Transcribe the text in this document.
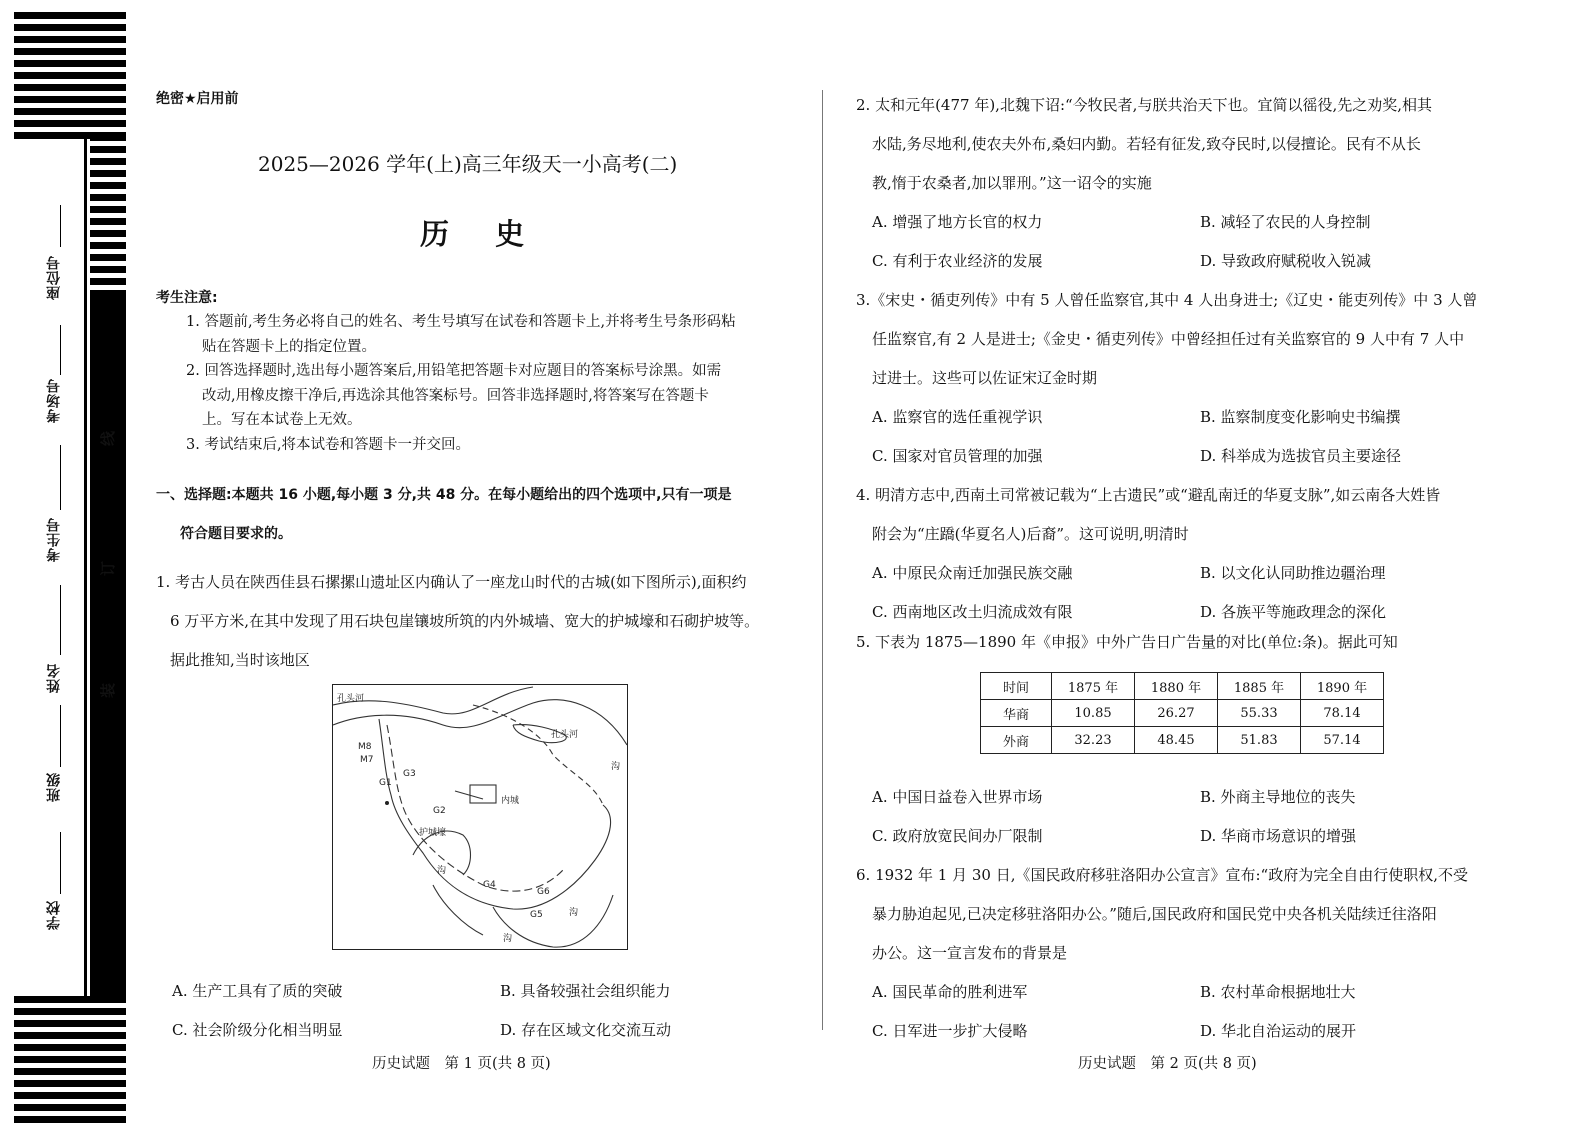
座位号
考场号
考生号
姓名
班级
学校
线
订
装
绝密★启用前
2025—2026 学年(上)高三年级天一小高考(二)
历 史
考生注意:
1. 答题前,考生务必将自己的姓名、考生号填写在试卷和答题卡上,并将考生号条形码粘
贴在答题卡上的指定位置。
2. 回答选择题时,选出每小题答案后,用铅笔把答题卡对应题目的答案标号涂黑。如需
改动,用橡皮擦干净后,再选涂其他答案标号。回答非选择题时,将答案写在答题卡
上。写在本试卷上无效。
3. 考试结束后,将本试卷和答题卡一并交回。
一、选择题:本题共 16 小题,每小题 3 分,共 48 分。在每小题给出的四个选项中,只有一项是
符合题目要求的。
1. 考古人员在陕西佳县石摞摞山遗址区内确认了一座龙山时代的古城(如下图所示),面积约
6 万平方米,在其中发现了用石块包崖镶坡所筑的内外城墙、宽大的护城壕和石砌护坡等。
据此推知,当时该地区
M8
M7
G1
G3
G2
G4
G6
G5
内城
沟
沟
沟
沟
护城壕
孔头河
孔头河
A. 生产工具有了质的突破	B. 具备较强社会组织能力
C. 社会阶级分化相当明显	D. 存在区域文化交流互动
历史试题　第 1 页(共 8 页)
2. 太和元年(477 年),北魏下诏:“今牧民者,与朕共治天下也。宜简以徭役,先之劝奖,相其
水陆,务尽地利,使农夫外布,桑妇内勤。若轻有征发,致夺民时,以侵擅论。民有不从长
教,惰于农桑者,加以罪刑。”这一诏令的实施
A. 增强了地方长官的权力	B. 减轻了农民的人身控制
C. 有利于农业经济的发展	D. 导致政府赋税收入锐减
3.《宋史・循吏列传》中有 5 人曾任监察官,其中 4 人出身进士;《辽史・能吏列传》中 3 人曾
任监察官,有 2 人是进士;《金史・循吏列传》中曾经担任过有关监察官的 9 人中有 7 人中
过进士。这些可以佐证宋辽金时期
A. 监察官的选任重视学识	B. 监察制度变化影响史书编撰
C. 国家对官员管理的加强	D. 科举成为选拔官员主要途径
4. 明清方志中,西南土司常被记载为“上古遗民”或“避乱南迁的华夏支脉”,如云南各大姓皆
附会为“庄蹻(华夏名人)后裔”。这可说明,明清时
A. 中原民众南迁加强民族交融	B. 以文化认同助推边疆治理
C. 西南地区改土归流成效有限	D. 各族平等施政理念的深化
5. 下表为 1875—1890 年《申报》中外广告日广告量的对比(单位:条)。据此可知
时间	1875 年	1880 年	1885 年	1890 年
华商	10.85	26.27	55.33	78.14
外商	32.23	48.45	51.83	57.14
A. 中国日益卷入世界市场	B. 外商主导地位的丧失
C. 政府放宽民间办厂限制	D. 华商市场意识的增强
6. 1932 年 1 月 30 日,《国民政府移驻洛阳办公宣言》宣布:“政府为完全自由行使职权,不受
暴力胁迫起见,已决定移驻洛阳办公。”随后,国民政府和国民党中央各机关陆续迁往洛阳
办公。这一宣言发布的背景是
A. 国民革命的胜利进军	B. 农村革命根据地壮大
C. 日军进一步扩大侵略	D. 华北自治运动的展开
历史试题　第 2 页(共 8 页)
